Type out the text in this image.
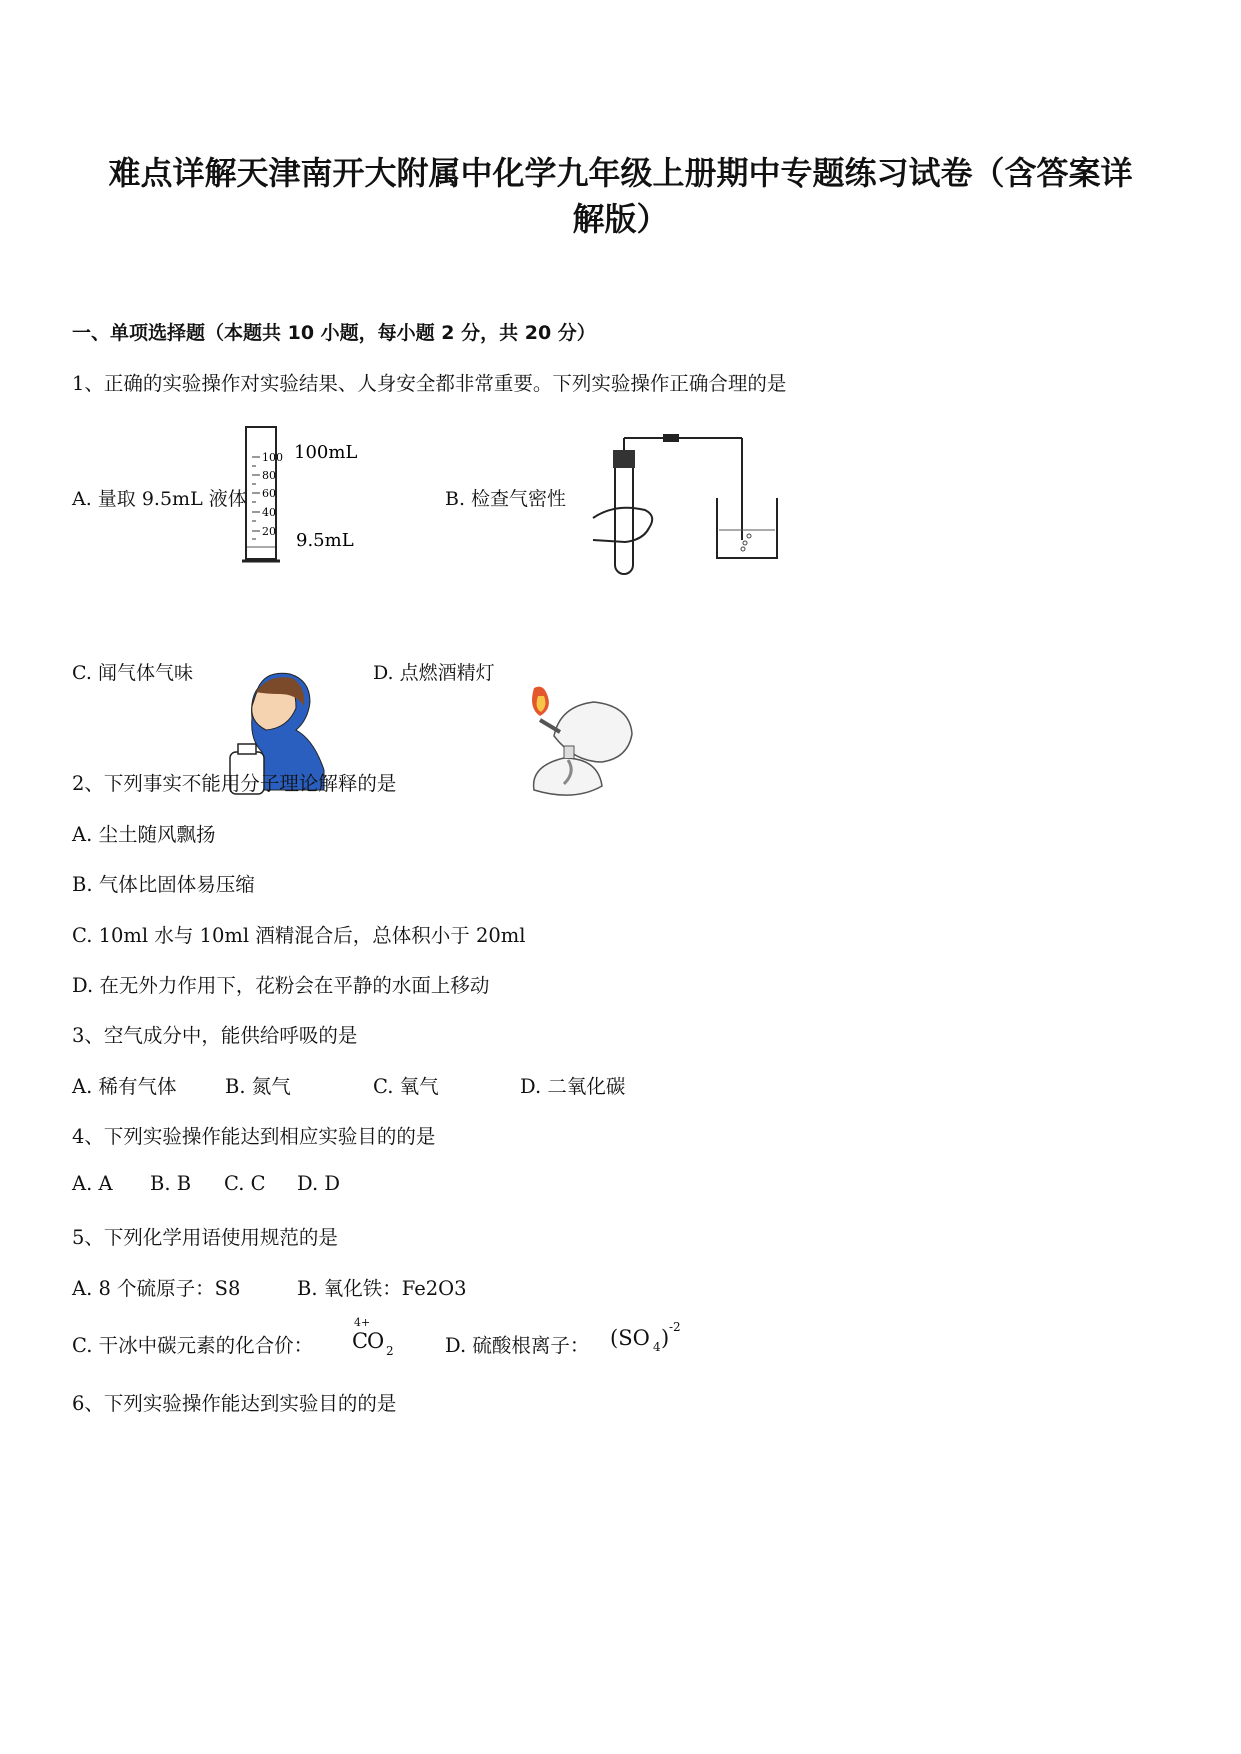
难点详解天津南开大附属中化学九年级上册期中专题练习试卷（含答案详
解版）
一、单项选择题（本题共 10 小题，每小题 2 分，共 20 分）
1、正确的实验操作对实验结果、人身安全都非常重要。下列实验操作正确合理的是
A. 量取 9.5mL 液体
100
80
60
40
20
100mL
9.5mL
B. 检查气密性
C. 闻气体气味	D. 点燃酒精灯
2、下列事实不能用分子理论解释的是
A. 尘土随风飘扬
B. 气体比固体易压缩
C. 10ml 水与 10ml 酒精混合后，总体积小于 20ml
D. 在无外力作用下，花粉会在平静的水面上移动
3、空气成分中，能供给呼吸的是
A. 稀有气体 B. 氮气	C. 氧气	D. 二氧化碳
4、下列实验操作能达到相应实验目的的是
A. A B. B C. C D. D
5、下列化学用语使用规范的是
A. 8 个硫原子：S8	B. 氧化铁：Fe2O3
C. 干冰中碳元素的化合价：
4+
C
O 2	D. 硫酸根离子： (SO 4 ) -2
6、下列实验操作能达到实验目的的是
